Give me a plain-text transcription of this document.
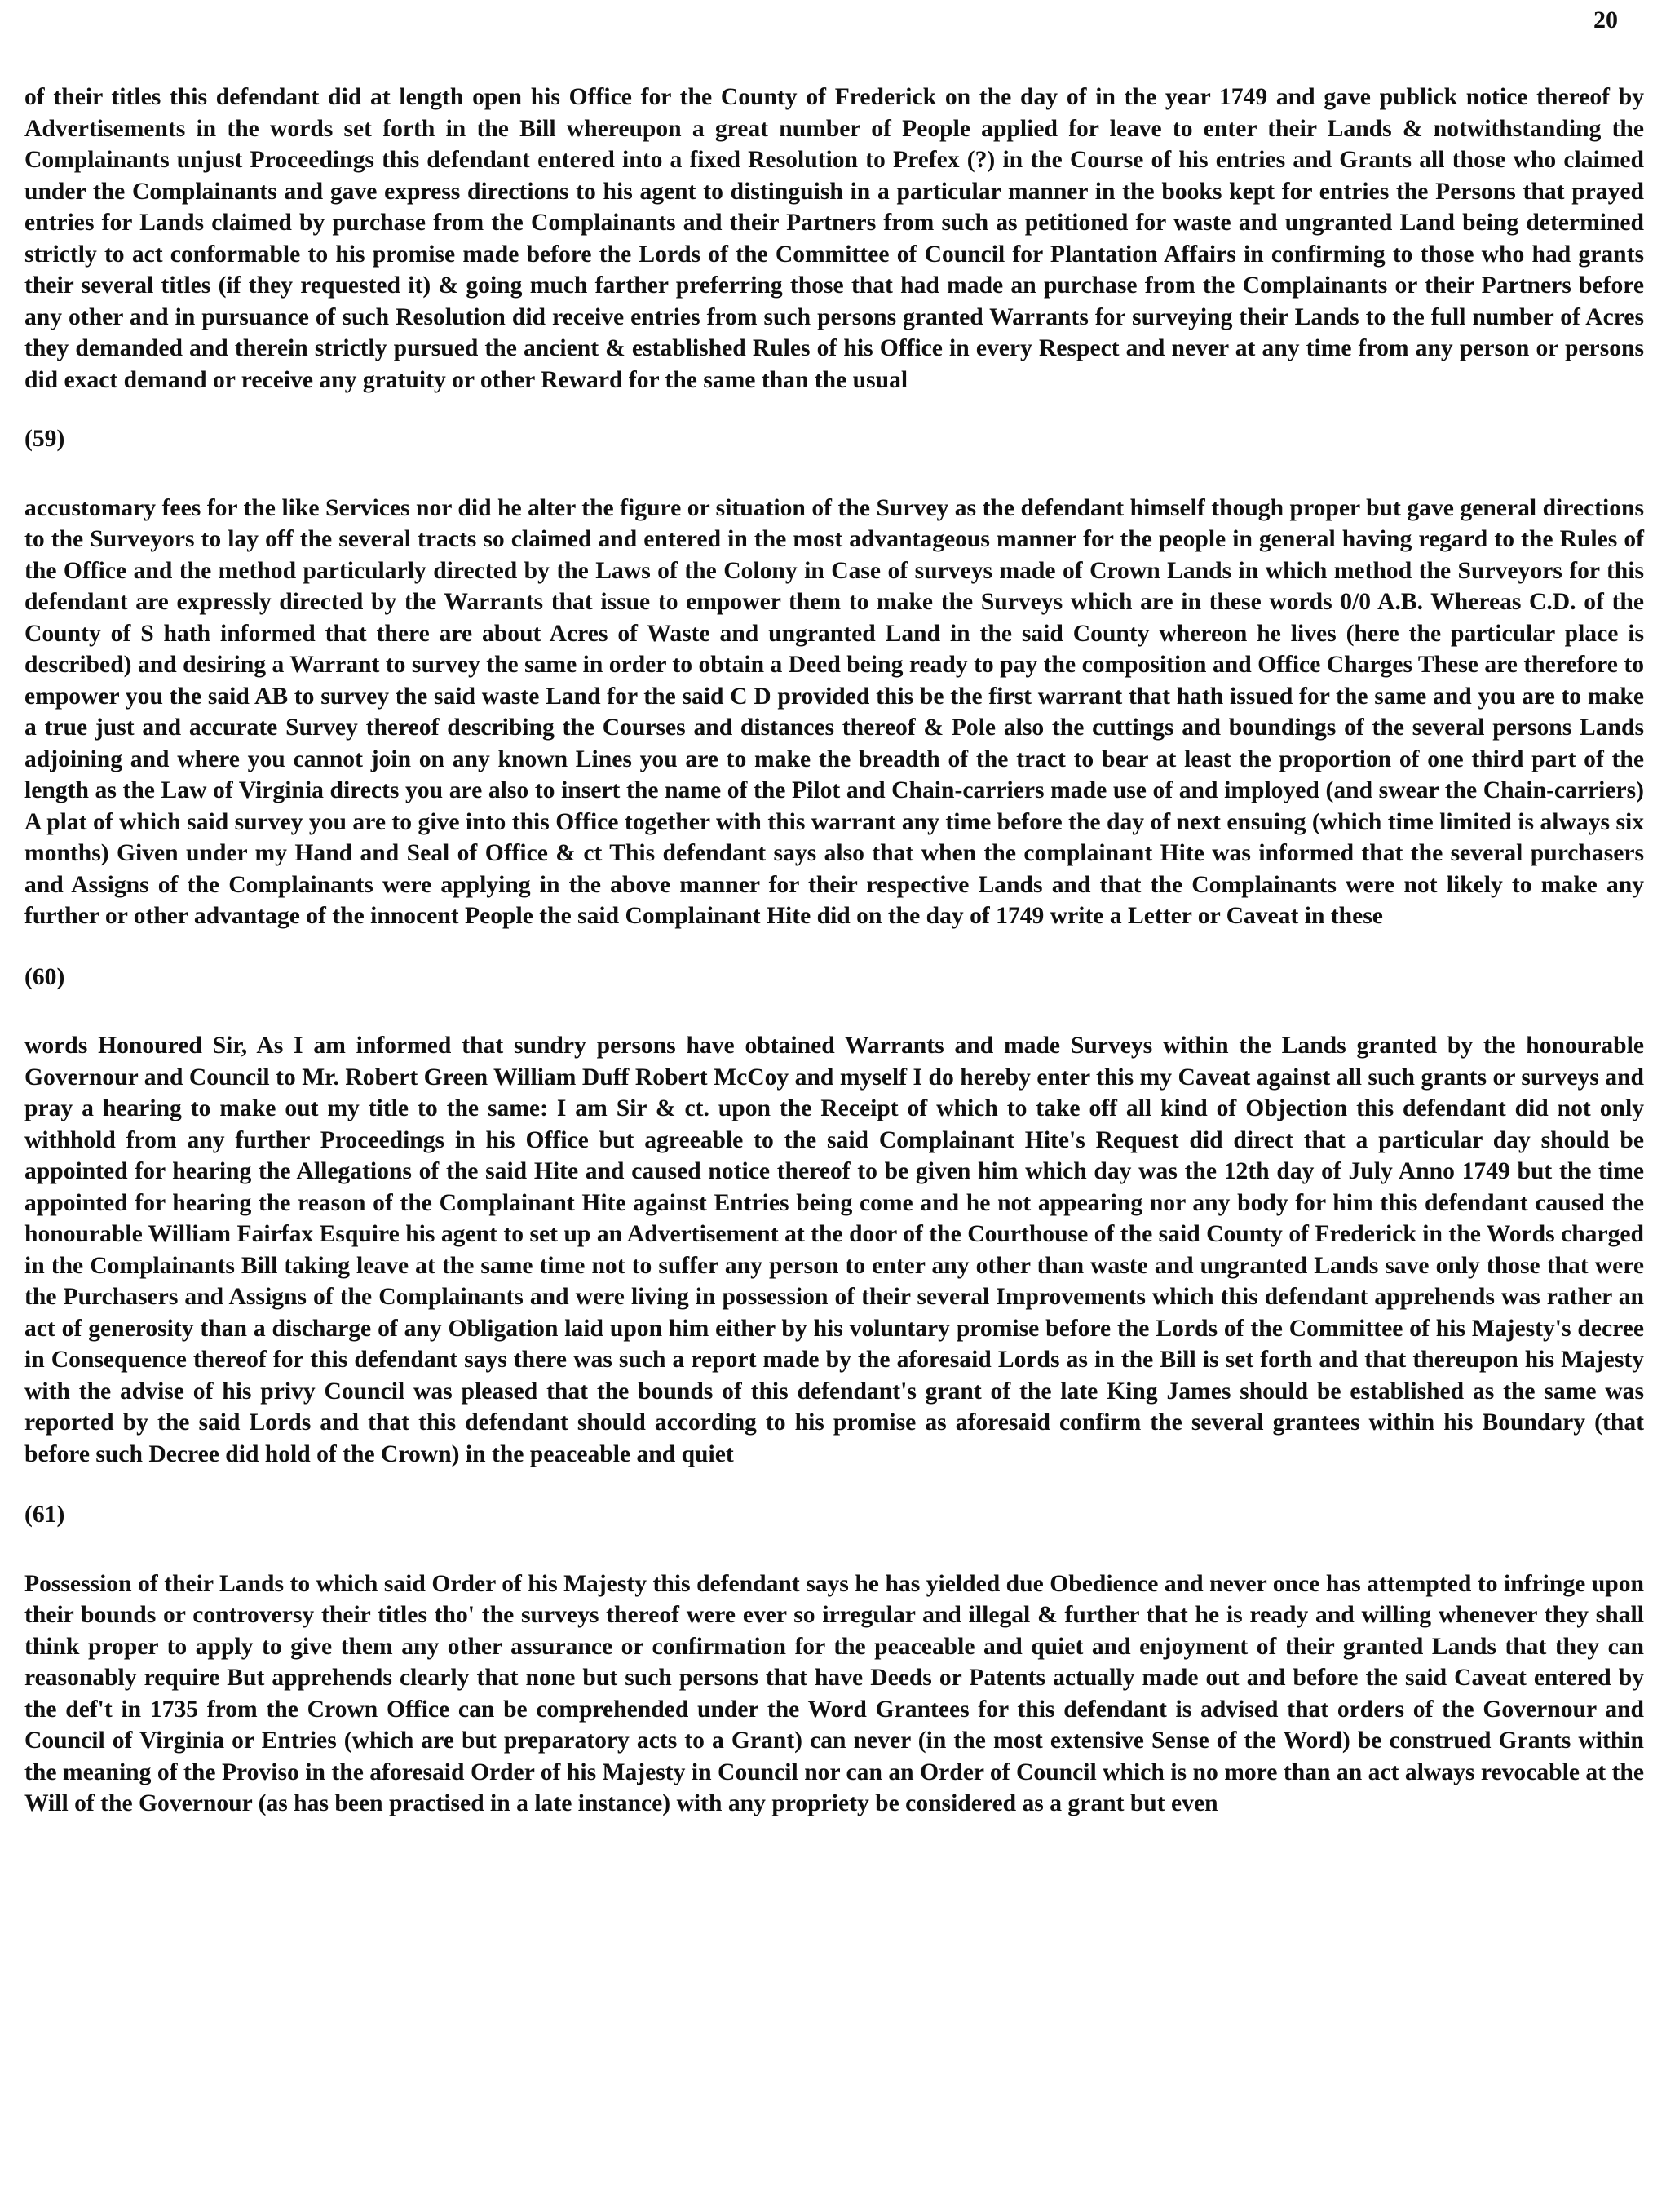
20

of their titles this defendant did at length open his Office for the County of Frederick on the day of in the year 1749 and gave publick notice thereof by Advertisements in the words set forth in the Bill whereupon a great number of People applied for leave to enter their Lands & notwithstanding the Complainants unjust Proceedings this defendant entered into a fixed Resolution to Prefex (?) in the Course of his entries and Grants all those who claimed under the Complainants and gave express directions to his agent to distinguish in a particular manner in the books kept for entries the Persons that prayed entries for Lands claimed by purchase from the Complainants and their Partners from such as petitioned for waste and ungranted Land being determined strictly to act conformable to his promise made before the Lords of the Committee of Council for Plantation Affairs in confirming to those who had grants their several titles (if they requested it) & going much farther preferring those that had made an purchase from the Complainants or their Partners before any other and in pursuance of such Resolution did receive entries from such persons granted Warrants for surveying their Lands to the full number of Acres they demanded and therein strictly pursued the ancient & established Rules of his Office in every Respect and never at any time from any person or persons did exact demand or receive any gratuity or other Reward for the same than the usual

(59)

accustomary fees for the like Services nor did he alter the figure or situation of the Survey as the defendant himself though proper but gave general directions to the Surveyors to lay off the several tracts so claimed and entered in the most advantageous manner for the people in general having regard to the Rules of the Office and the method particularly directed by the Laws of the Colony in Case of surveys made of Crown Lands in which method the Surveyors for this defendant are expressly directed by the Warrants that issue to empower them to make the Surveys which are in these words 0/0 A.B. Whereas C.D. of the County of S hath informed that there are about Acres of Waste and ungranted Land in the said County whereon he lives (here the particular place is described) and desiring a Warrant to survey the same in order to obtain a Deed being ready to pay the composition and Office Charges These are therefore to empower you the said AB to survey the said waste Land for the said C D provided this be the first warrant that hath issued for the same and you are to make a true just and accurate Survey thereof describing the Courses and distances thereof & Pole also the cuttings and boundings of the several persons Lands adjoining and where you cannot join on any known Lines you are to make the breadth of the tract to bear at least the proportion of one third part of the length as the Law of Virginia directs you are also to insert the name of the Pilot and Chain-carriers made use of and imployed (and swear the Chain-carriers) A plat of which said survey you are to give into this Office together with this warrant any time before the day of next ensuing (which time limited is always six months) Given under my Hand and Seal of Office & ct This defendant says also that when the complainant Hite was informed that the several purchasers and Assigns of the Complainants were applying in the above manner for their respective Lands and that the Complainants were not likely to make any further or other advantage of the innocent People the said Complainant Hite did on the day of 1749 write a Letter or Caveat in these

(60)

words Honoured Sir, As I am informed that sundry persons have obtained Warrants and made Surveys within the Lands granted by the honourable Governour and Council to Mr. Robert Green William Duff Robert McCoy and myself I do hereby enter this my Caveat against all such grants or surveys and pray a hearing to make out my title to the same: I am Sir & ct. upon the Receipt of which to take off all kind of Objection this defendant did not only withhold from any further Proceedings in his Office but agreeable to the said Complainant Hite's Request did direct that a particular day should be appointed for hearing the Allegations of the said Hite and caused notice thereof to be given him which day was the 12th day of July Anno 1749 but the time appointed for hearing the reason of the Complainant Hite against Entries being come and he not appearing nor any body for him this defendant caused the honourable William Fairfax Esquire his agent to set up an Advertisement at the door of the Courthouse of the said County of Frederick in the Words charged in the Complainants Bill taking leave at the same time not to suffer any person to enter any other than waste and ungranted Lands save only those that were the Purchasers and Assigns of the Complainants and were living in possession of their several Improvements which this defendant apprehends was rather an act of generosity than a discharge of any Obligation laid upon him either by his voluntary promise before the Lords of the Committee of his Majesty's decree in Consequence thereof for this defendant says there was such a report made by the aforesaid Lords as in the Bill is set forth and that thereupon his Majesty with the advise of his privy Council was pleased that the bounds of this defendant's grant of the late King James should be established as the same was reported by the said Lords and that this defendant should according to his promise as aforesaid confirm the several grantees within his Boundary (that before such Decree did hold of the Crown) in the peaceable and quiet

(61)

Possession of their Lands to which said Order of his Majesty this defendant says he has yielded due Obedience and never once has attempted to infringe upon their bounds or controversy their titles tho' the surveys thereof were ever so irregular and illegal & further that he is ready and willing whenever they shall think proper to apply to give them any other assurance or confirmation for the peaceable and quiet and enjoyment of their granted Lands that they can reasonably require But apprehends clearly that none but such persons that have Deeds or Patents actually made out and before the said Caveat entered by the def't in 1735 from the Crown Office can be comprehended under the Word Grantees for this defendant is advised that orders of the Governour and Council of Virginia or Entries (which are but preparatory acts to a Grant) can never (in the most extensive Sense of the Word) be construed Grants within the meaning of the Proviso in the aforesaid Order of his Majesty in Council nor can an Order of Council which is no more than an act always revocable at the Will of the Governour (as has been practised in a late instance) with any propriety be considered as a grant but even
